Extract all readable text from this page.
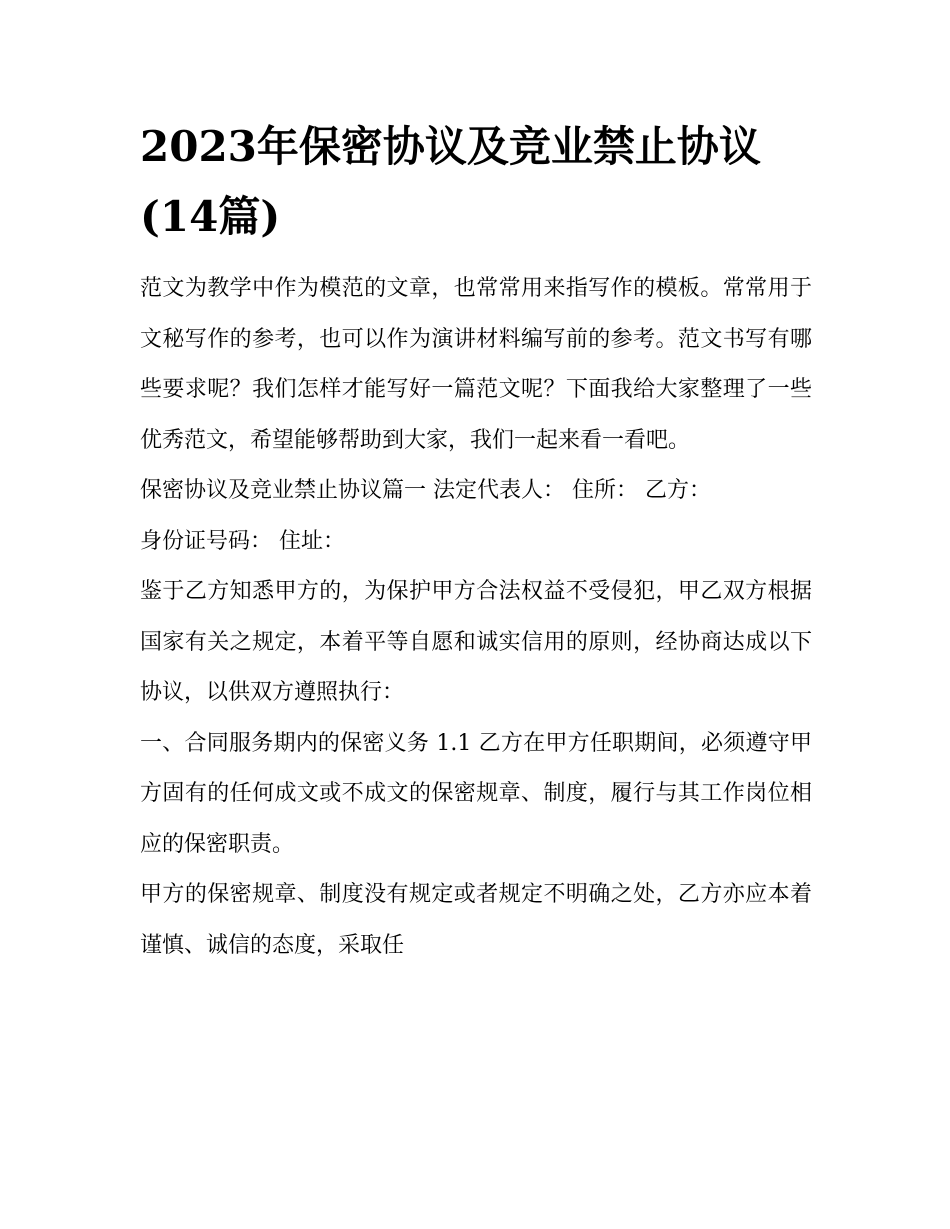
2023年保密协议及竞业禁止协议(14篇)

范文为教学中作为模范的文章，也常常用来指写作的模板。常常用于文秘写作的参考，也可以作为演讲材料编写前的参考。范文书写有哪些要求呢？我们怎样才能写好一篇范文呢？下面我给大家整理了一些优秀范文，希望能够帮助到大家，我们一起来看一看吧。

保密协议及竞业禁止协议篇一 法定代表人： 住所： 乙方：

身份证号码： 住址：

鉴于乙方知悉甲方的，为保护甲方合法权益不受侵犯，甲乙双方根据国家有关之规定，本着平等自愿和诚实信用的原则，经协商达成以下协议，以供双方遵照执行：

一、合同服务期内的保密义务 1.1 乙方在甲方任职期间，必须遵守甲方固有的任何成文或不成文的保密规章、制度，履行与其工作岗位相应的保密职责。

甲方的保密规章、制度没有规定或者规定不明确之处，乙方亦应本着谨慎、诚信的态度，采取任
